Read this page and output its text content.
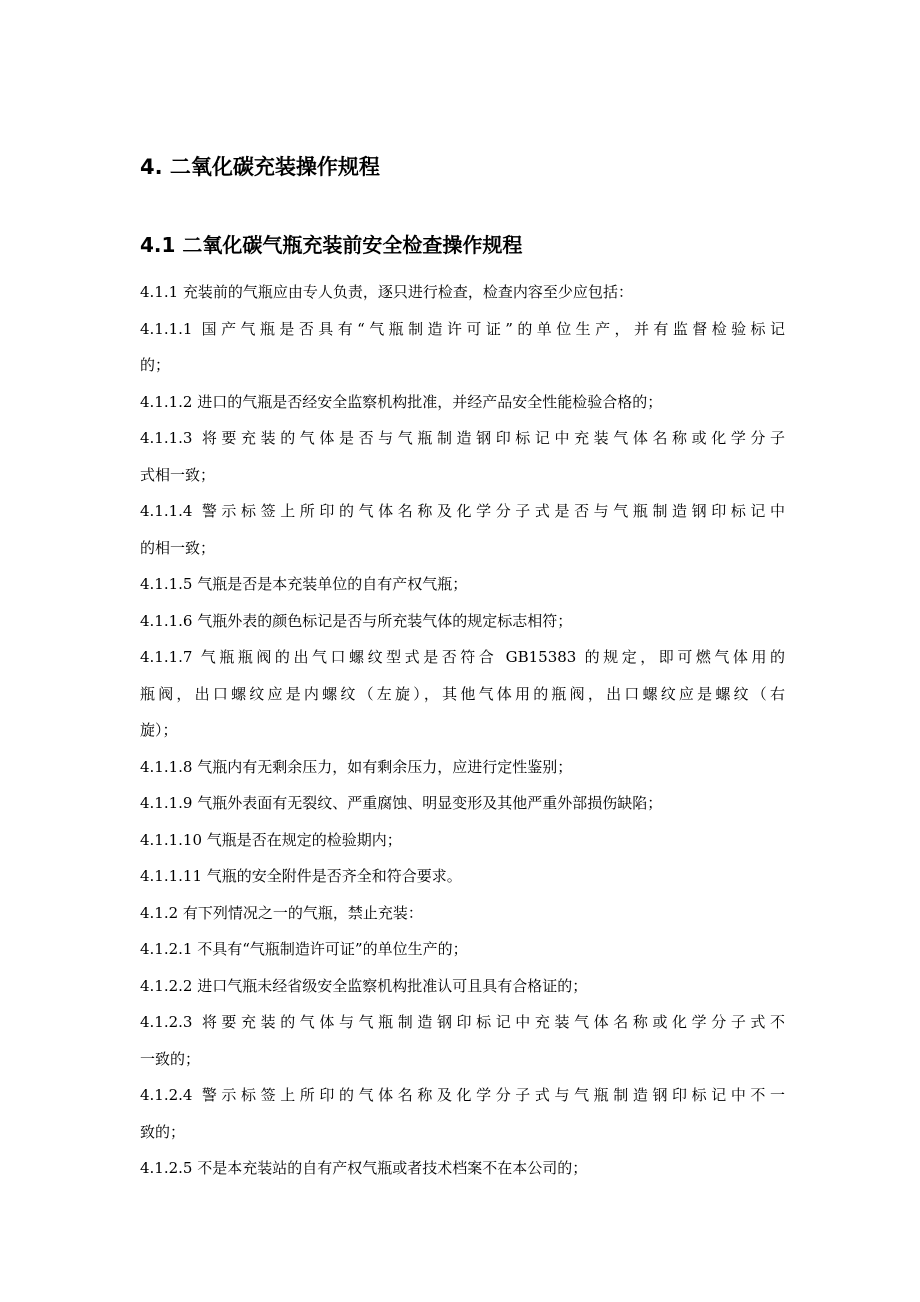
4. 二氧化碳充装操作规程
4.1 二氧化碳气瓶充装前安全检查操作规程

4.1.1 充装前的气瓶应由专人负责，逐只进行检查，检查内容至少应包括：

4.1.1.1 国产气瓶是否具有“气瓶制造许可证”的单位生产，并有监督检验标记
的；

4.1.1.2 进口的气瓶是否经安全监察机构批准，并经产品安全性能检验合格的；

4.1.1.3 将要充装的气体是否与气瓶制造钢印标记中充装气体名称或化学分子
式相一致；

4.1.1.4 警示标签上所印的气体名称及化学分子式是否与气瓶制造钢印标记中
的相一致；

4.1.1.5 气瓶是否是本充装单位的自有产权气瓶；

4.1.1.6 气瓶外表的颜色标记是否与所充装气体的规定标志相符；

4.1.1.7 气瓶瓶阀的出气口螺纹型式是否符合 GB15383 的规定，即可燃气体用的
瓶阀，出口螺纹应是内螺纹（左旋），其他气体用的瓶阀，出口螺纹应是螺纹（右
旋）；

4.1.1.8 气瓶内有无剩余压力，如有剩余压力，应进行定性鉴别；

4.1.1.9 气瓶外表面有无裂纹、严重腐蚀、明显变形及其他严重外部损伤缺陷；

4.1.1.10 气瓶是否在规定的检验期内；

4.1.1.11 气瓶的安全附件是否齐全和符合要求。

4.1.2 有下列情况之一的气瓶，禁止充装：

4.1.2.1 不具有“气瓶制造许可证”的单位生产的；

4.1.2.2 进口气瓶未经省级安全监察机构批准认可且具有合格证的；

4.1.2.3 将要充装的气体与气瓶制造钢印标记中充装气体名称或化学分子式不
一致的；

4.1.2.4 警示标签上所印的气体名称及化学分子式与气瓶制造钢印标记中不一
致的；

4.1.2.5 不是本充装站的自有产权气瓶或者技术档案不在本公司的；
